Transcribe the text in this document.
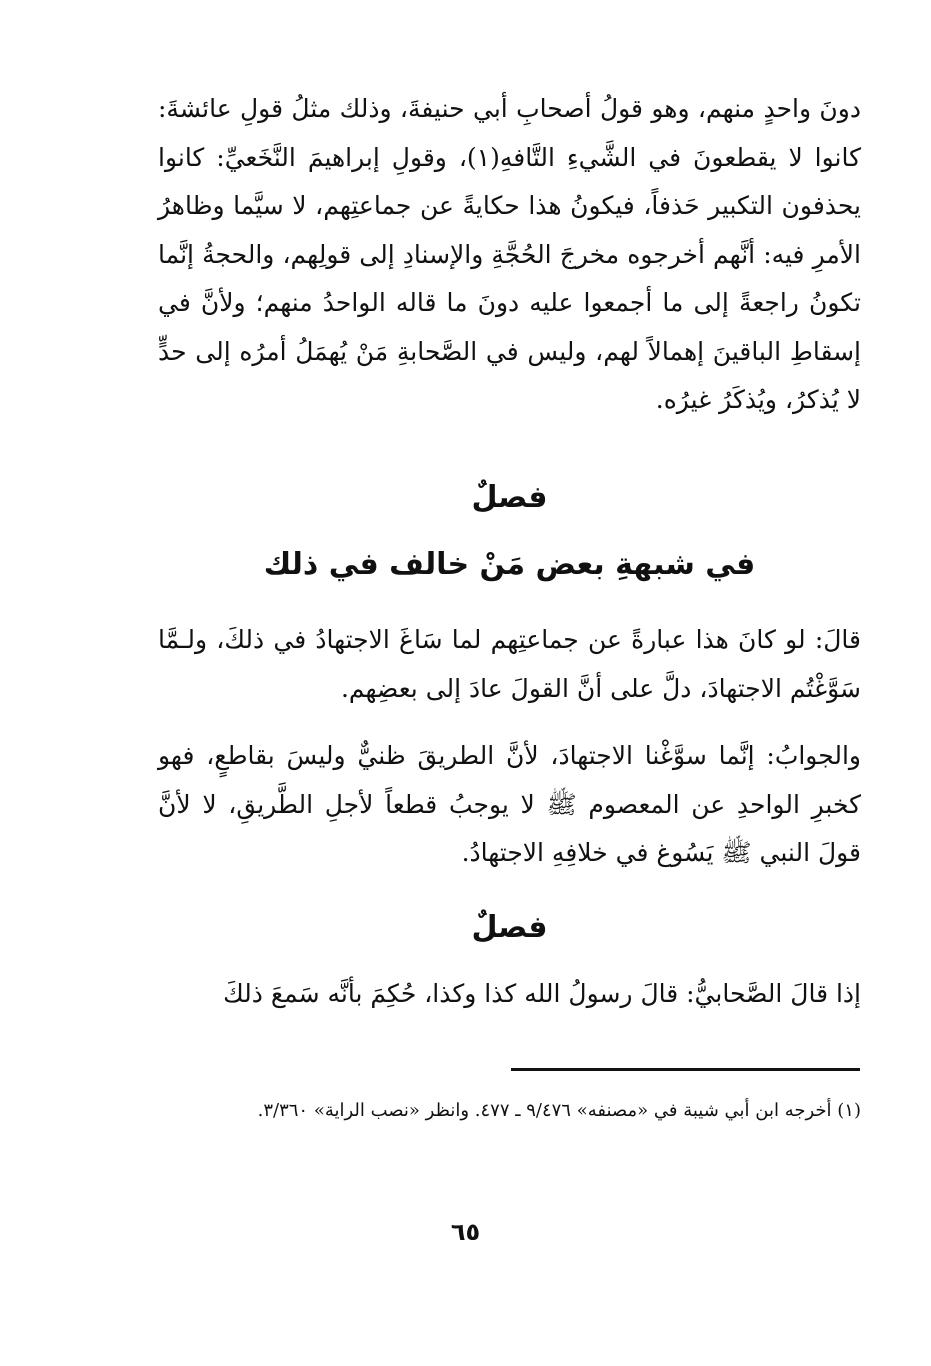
دونَ واحدٍ منهم، وهو قولُ أصحابِ أبي حنيفةَ، وذلك مثلُ قولِ عائشةَ: كانوا لا يقطعونَ في الشَّيءِ التَّافهِ(١)، وقولِ إبراهيمَ النَّخَعيِّ: كانوا يحذفون التكبير حَذفاً، فيكونُ هذا حكايةً عن جماعتِهم، لا سيَّما وظاهرُ الأمرِ فيه: أنَّهم أخرجوه مخرجَ الحُجَّةِ والإسنادِ إلى قولِهم، والحجةُ إنَّما تكونُ راجعةً إلى ما أجمعوا عليه دونَ ما قاله الواحدُ منهم؛ ولأنَّ في إسقاطِ الباقينَ إهمالاً لهم، وليس في الصَّحابةِ مَنْ يُهمَلُ أمرُه إلى حدٍّ لا يُذكرُ، ويُذكَرُ غيرُه.

فصلٌ
في شبهةِ بعض مَنْ خالف في ذلك

قالَ: لو كانَ هذا عبارةً عن جماعتِهم لما سَاغَ الاجتهادُ في ذلكَ، ولـمَّا سَوَّغْتُم الاجتهادَ، دلَّ على أنَّ القولَ عادَ إلى بعضِهم.

والجوابُ: إنَّما سوَّغْنا الاجتهادَ، لأنَّ الطريقَ ظنيٌّ وليسَ بقاطعٍ، فهو كخبرِ الواحدِ عن المعصوم ﷺ لا يوجبُ قطعاً لأجلِ الطَّريقِ، لا لأنَّ قولَ النبي ﷺ يَسُوغ في خلافِهِ الاجتهادُ.

فصلٌ

إذا قالَ الصَّحابيُّ: قالَ رسولُ الله كذا وكذا، حُكِمَ بأنَّه سَمعَ ذلكَ

(١) أخرجه ابن أبي شيبة في «مصنفه» ٩/٤٧٦ ـ ٤٧٧. وانظر «نصب الراية» ٣/٣٦٠.
٦٥
